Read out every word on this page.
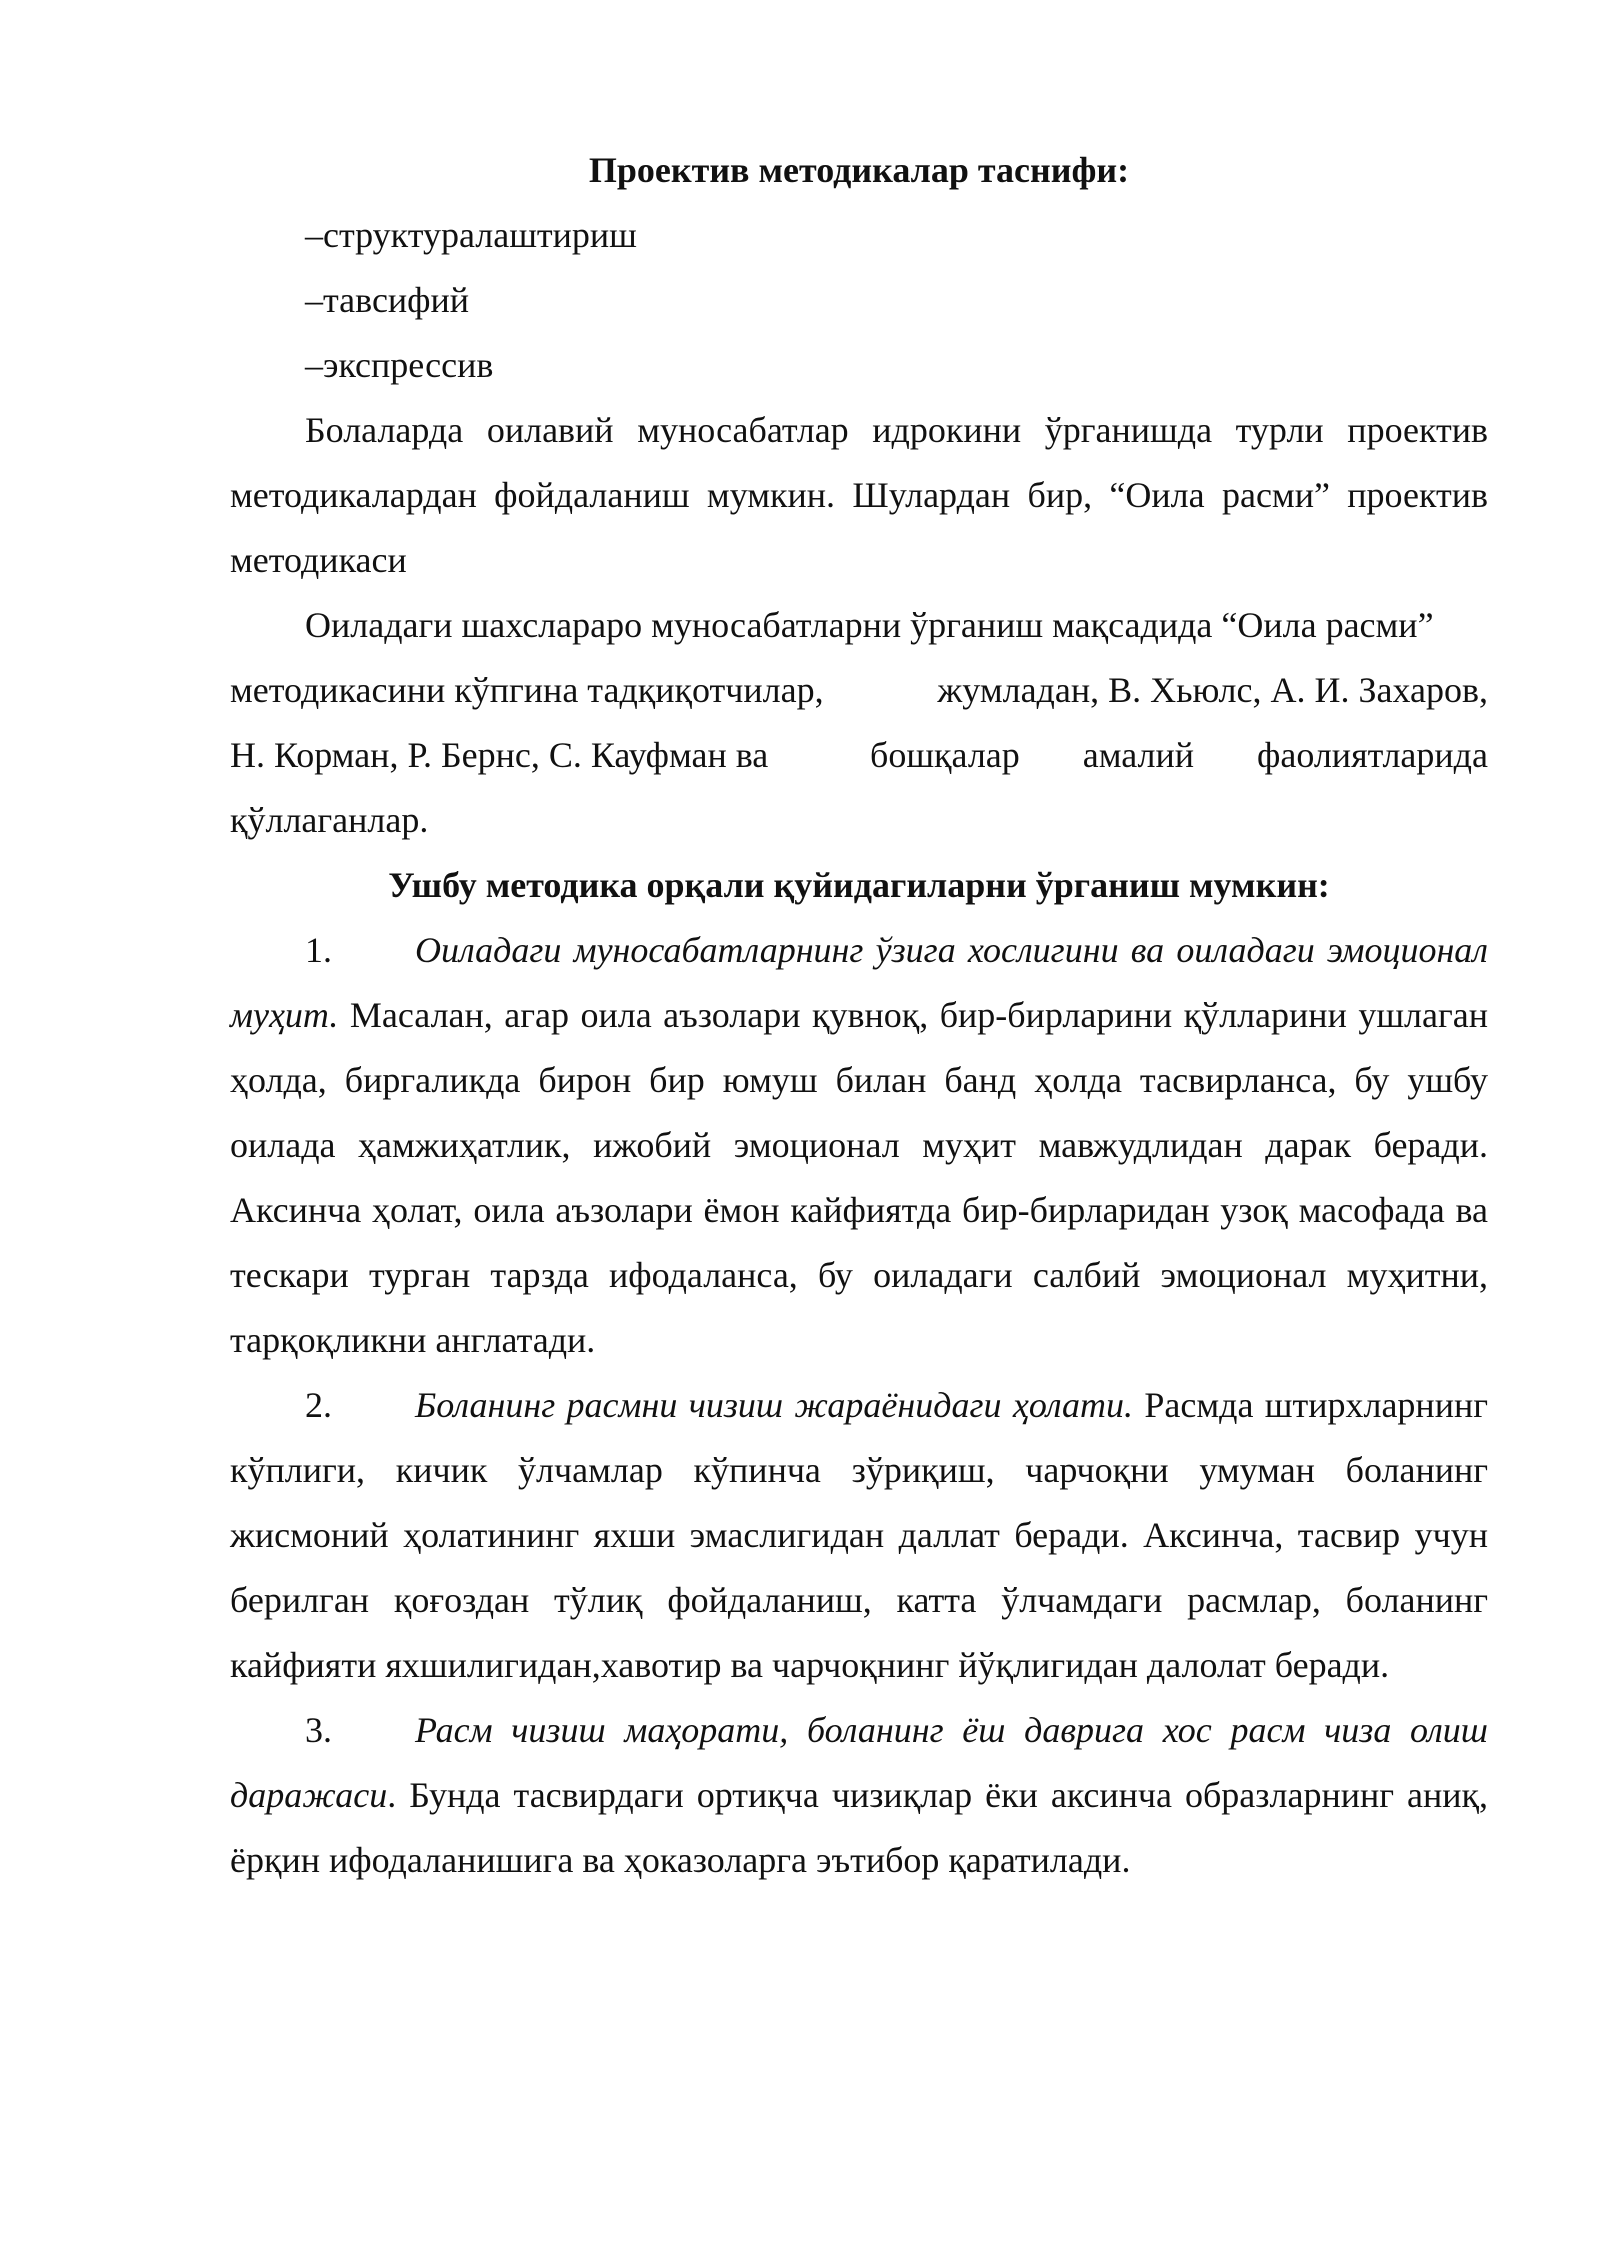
Проектив методикалар таснифи:

–структуралаштириш

–тавсифий

–экспрессив

Болаларда оилавий муносабатлар идрокини ўрганишда турли проектив методикалардан фойдаланиш мумкин. Шулардан бир, “Оила расми” проектив методикаси

Оиладаги шахслараро муносабатларни ўрганиш мақсадида “Оила расми”

методикасини кўпгина тадқиқотчилар,	жумладан, В. Хьюлс, А. И. Захаров,
Н. Корман, Р. Бернс, С. Кауфман ва	бошқалар амалий фаолиятларида

қўллаганлар.

Ушбу методика орқали қуйидагиларни ўрганиш мумкин:

1. Оиладаги муносабатларнинг ўзига хослигини ва оиладаги эмоционал муҳит. Масалан, агар оила аъзолари қувноқ, бир-бирларини қўлларини ушлаган ҳолда, биргаликда бирон бир юмуш билан банд ҳолда тасвирланса, бу ушбу оилада ҳамжиҳатлик, ижобий эмоционал муҳит мавжудлидан дарак беради. Аксинча ҳолат, оила аъзолари ёмон кайфиятда бир-бирларидан узоқ масофада ва тескари турган тарзда ифодаланса, бу оиладаги салбий эмоционал муҳитни, тарқоқликни англатади.

2. Боланинг расмни чизиш жараёнидаги ҳолати. Расмда штирхларнинг кўплиги, кичик ўлчамлар кўпинча зўриқиш, чарчоқни умуман боланинг жисмоний ҳолатининг яхши эмаслигидан даллат беради. Аксинча, тасвир учун берилган қоғоздан тўлиқ фойдаланиш, катта ўлчамдаги расмлар, боланинг кайфияти яхшилигидан,хавотир ва чарчоқнинг йўқлигидан далолат беради.

3. Расм чизиш маҳорати, боланинг ёш даврига хос расм чиза олиш даражаси. Бунда тасвирдаги ортиқча чизиқлар ёки аксинча образларнинг аниқ, ёрқин ифодаланишига ва ҳоказоларга эътибор қаратилади.
